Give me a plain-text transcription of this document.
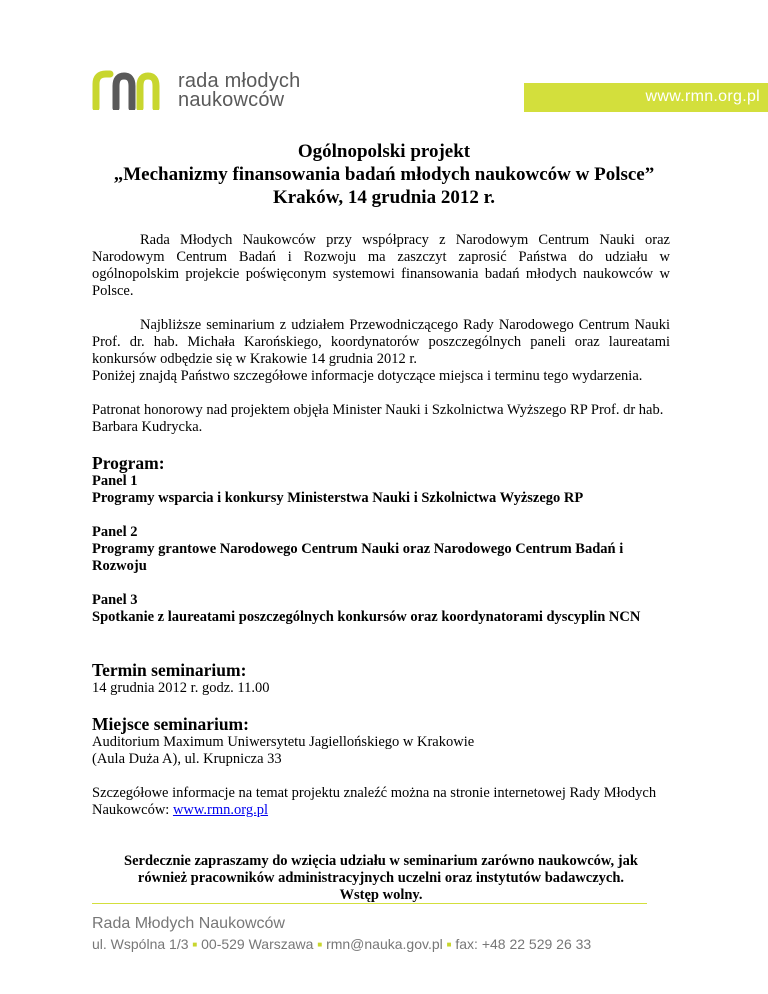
rada młodych
naukowców	www.rmn.org.pl
Ogólnopolski projekt
„Mechanizmy finansowania badań młodych naukowców w Polsce”
Kraków, 14 grudnia 2012 r.

Rada Młodych Naukowców przy współpracy z Narodowym Centrum Nauki oraz Narodowym Centrum Badań i Rozwoju ma zaszczyt zaprosić Państwa do udziału w ogólnopolskim projekcie poświęconym systemowi finansowania badań młodych naukowców w Polsce.

Najbliższe seminarium z udziałem Przewodniczącego Rady Narodowego Centrum Nauki Prof. dr. hab. Michała Karońskiego, koordynatorów poszczególnych paneli oraz laureatami konkursów odbędzie się w Krakowie 14 grudnia 2012 r.

Poniżej znajdą Państwo szczegółowe informacje dotyczące miejsca i terminu tego wydarzenia.

Patronat honorowy nad projektem objęła Minister Nauki i Szkolnictwa Wyższego RP Prof. dr hab. Barbara Kudrycka.

Program:

Panel 1

Programy wsparcia i konkursy Ministerstwa Nauki i Szkolnictwa Wyższego RP

Panel 2

Programy grantowe Narodowego Centrum Nauki oraz Narodowego Centrum Badań i Rozwoju

Panel 3

Spotkanie z laureatami poszczególnych konkursów oraz koordynatorami dyscyplin NCN

Termin seminarium:

14 grudnia 2012 r. godz. 11.00

Miejsce seminarium:

Auditorium Maximum Uniwersytetu Jagiellońskiego w Krakowie

(Aula Duża A), ul. Krupnicza 33

Szczegółowe informacje na temat projektu znaleźć można na stronie internetowej Rady Młodych Naukowców: www.rmn.org.pl

Serdecznie zapraszamy do wzięcia udziału w seminarium zarówno naukowców, jak

również pracowników administracyjnych uczelni oraz instytutów badawczych.

Wstęp wolny.

Rada Młodych Naukowców
ul. Wspólna 1/3 ■ 00-529 Warszawa ■ rmn@nauka.gov.pl ■ fax: +48 22 529 26 33
